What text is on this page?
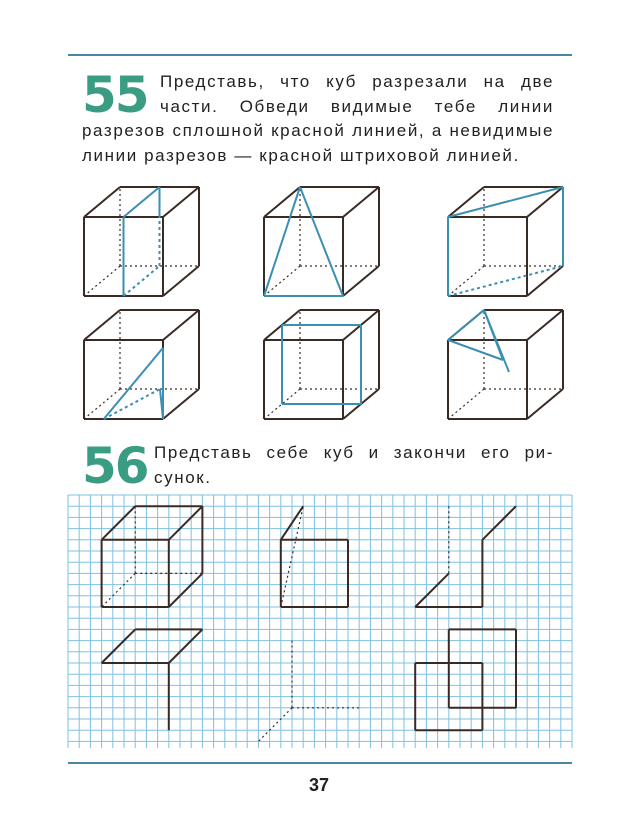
55 Представь, что куб разрезали на две
части. Обведи видимые тебе линии разрезов сплошной красной линией, а невидимые линии разрезов — красной штриховой линией.
56 Представь себе куб и закончи его ри-
сунок.
37
